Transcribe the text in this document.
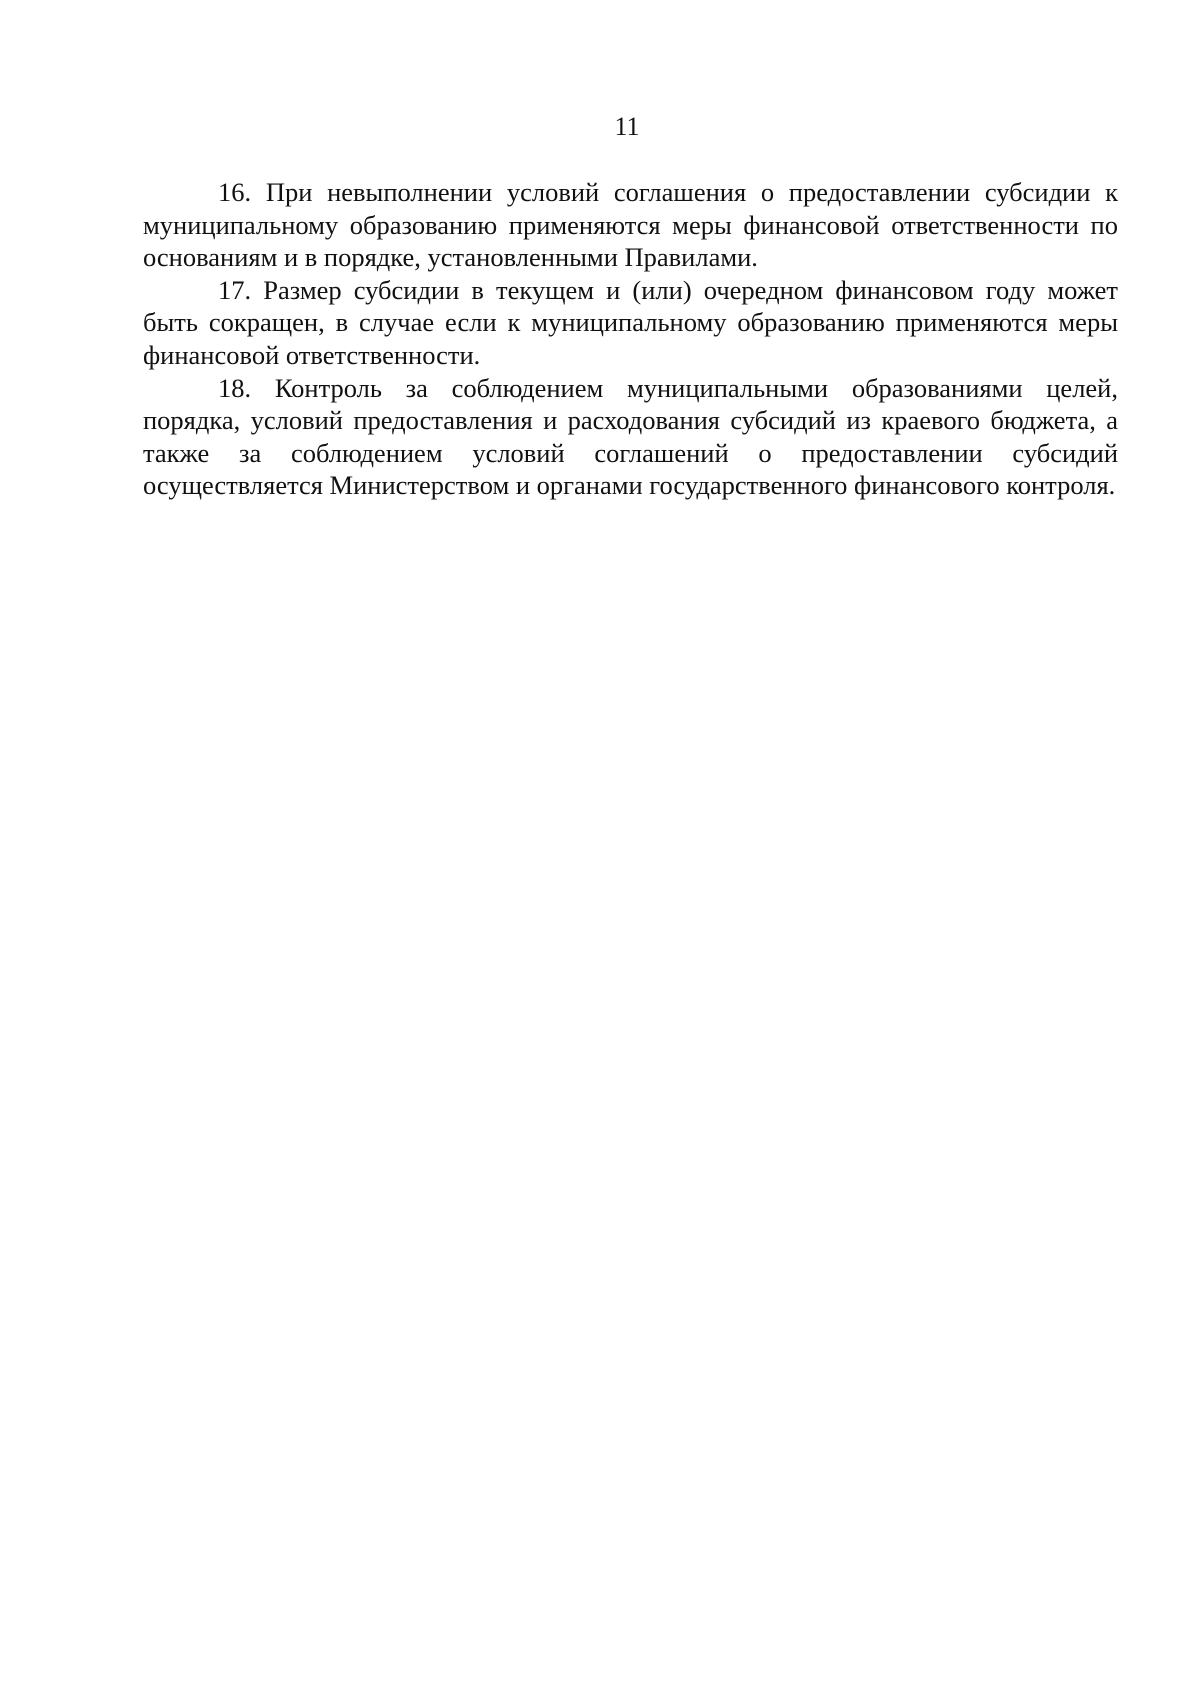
11

16. При невыполнении условий соглашения о предоставлении субсидии к муниципальному образованию применяются меры финансовой ответственности по основаниям и в порядке, установленными Правилами.

17. Размер субсидии в текущем и (или) очередном финансовом году может быть сокращен, в случае если к муниципальному образованию применяются меры финансовой ответственности.

18. Контроль за соблюдением муниципальными образованиями целей, порядка, условий предоставления и расходования субсидий из краевого бюджета, а также за соблюдением условий соглашений о предоставлении субсидий осуществляется Министерством и органами государственного финансового контроля.
